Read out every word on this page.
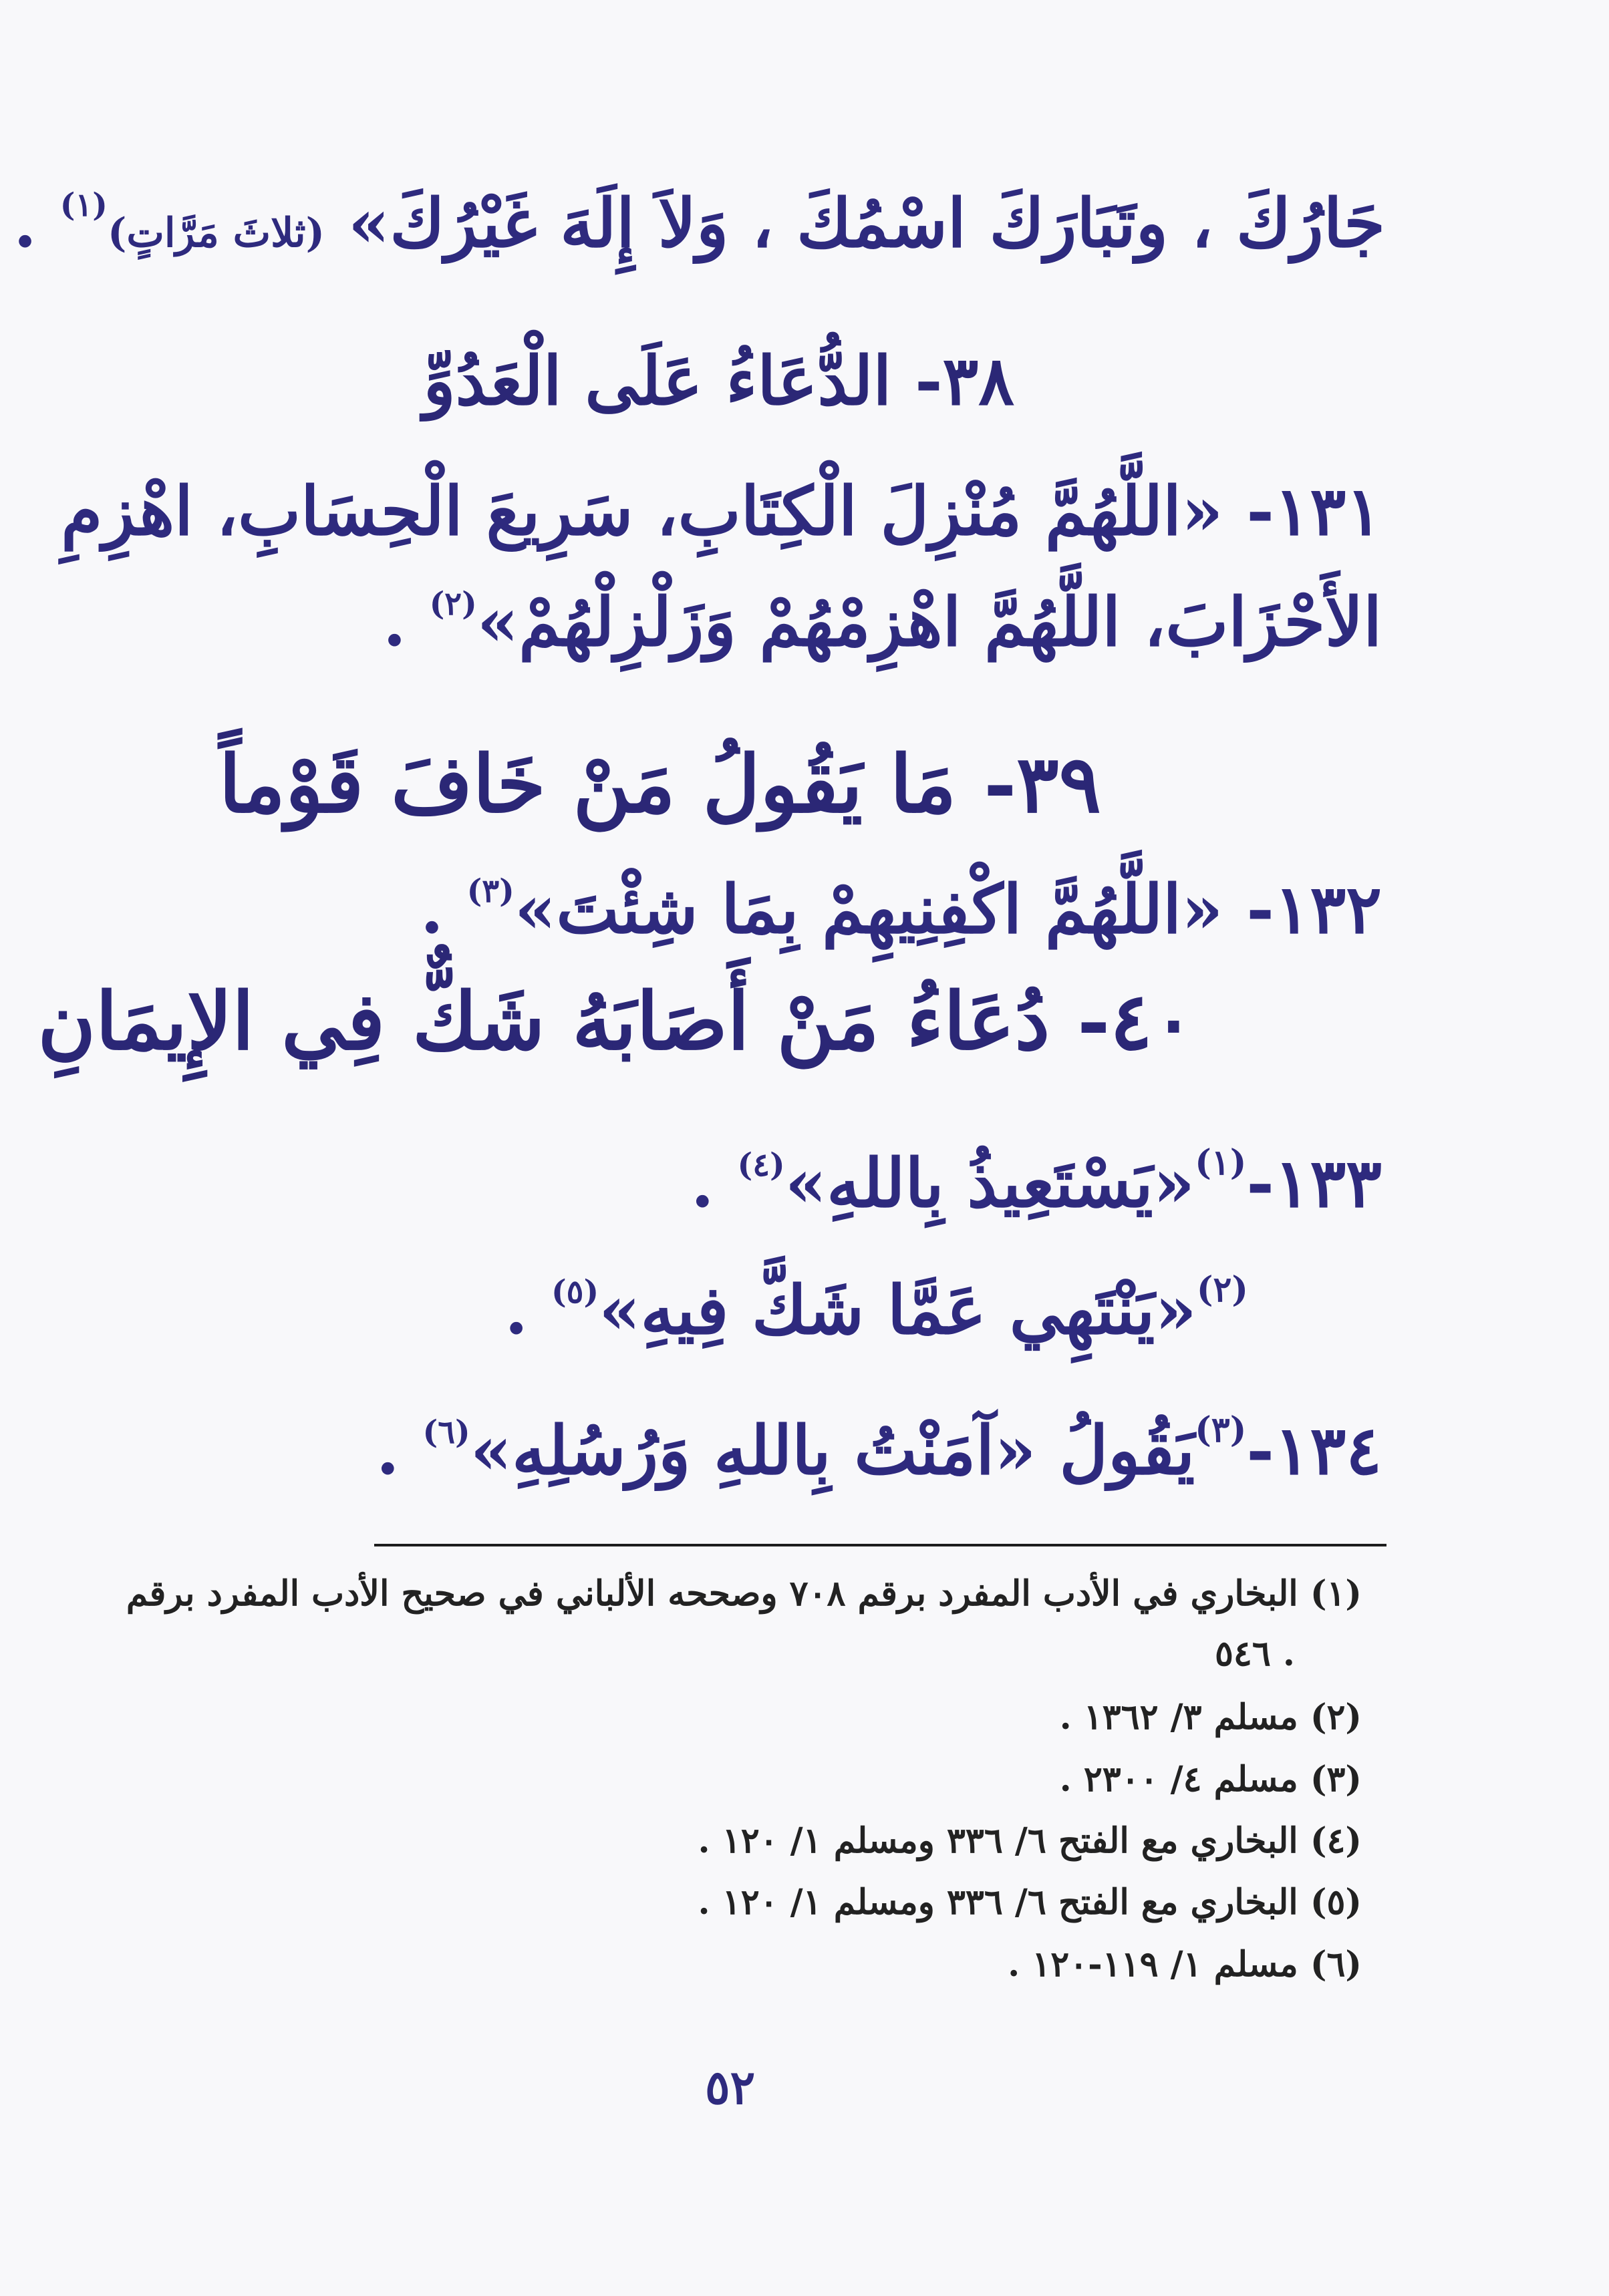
جَارُكَ ، وتَبَارَكَ اسْمُكَ ، وَلاَ إِلَهَ غَيْرُكَ» (ثلاثَ مَرَّاتٍ)$^{(١)}$ .
٣٨- الدُّعَاءُ عَلَى الْعَدُوِّ
١٣١- «اللَّهُمَّ مُنْزِلَ الْكِتَابِ، سَرِيعَ الْحِسَابِ، اهْزِمِ
الأَحْزَابَ، اللَّهُمَّ اهْزِمْهُمْ وَزَلْزِلْهُمْ»$^{(٢)}$ .
٣٩- مَا يَقُولُ مَنْ خَافَ قَوْماً
١٣٢- «اللَّهُمَّ اكْفِنِيهِمْ بِمَا شِئْتَ»$^{(٣)}$ .
٤٠- دُعَاءُ مَنْ أَصَابَهُ شَكٌّ فِي الإِيمَانِ
١٣٣-$^{(١)}$«يَسْتَعِيذُ بِاللهِ»$^{(٤)}$ .
$^{(٢)}$«يَنْتَهِي عَمَّا شَكَّ فِيهِ»$^{(٥)}$ .
١٣٤-$^{(٣)}$يَقُولُ «آمَنْتُ بِاللهِ وَرُسُلِهِ»$^{(٦)}$ .
(١) البخاري في الأدب المفرد برقم ٧٠٨ وصححه الألباني في صحيح الأدب المفرد برقم
٥٤٦ .
(٢) مسلم ٣/ ١٣٦٢ .
(٣) مسلم ٤/ ٢٣٠٠ .
(٤) البخاري مع الفتح ٦/ ٣٣٦ ومسلم ١/ ١٢٠ .
(٥) البخاري مع الفتح ٦/ ٣٣٦ ومسلم ١/ ١٢٠ .
(٦) مسلم ١/ ١١٩-١٢٠ .
٥٢
